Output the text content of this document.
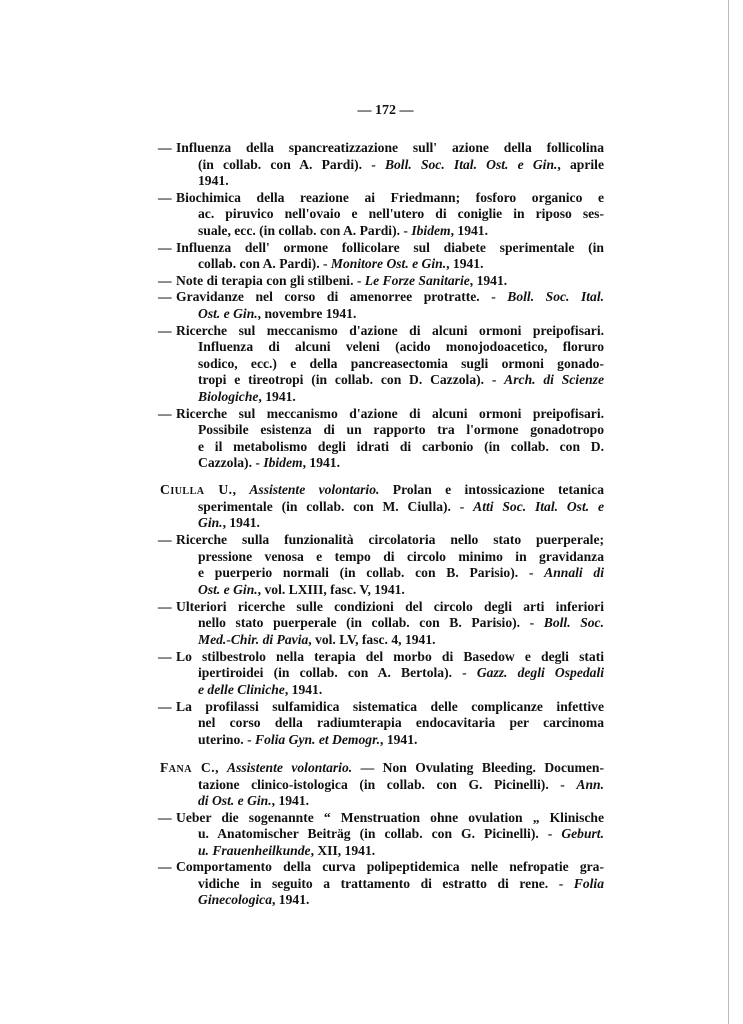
— 172 —
— Influenza della spancreatizzazione sull' azione della follicolina
(in collab. con A. Pardi). - Boll. Soc. Ital. Ost. e Gin., aprile
1941.
— Biochimica della reazione ai Friedmann; fosforo organico e
ac. piruvico nell'ovaio e nell'utero di coniglie in riposo ses-
suale, ecc. (in collab. con A. Pardi). - Ibidem, 1941.
— Influenza dell' ormone follicolare sul diabete sperimentale (in
collab. con A. Pardi). - Monitore Ost. e Gin., 1941.
— Note di terapia con gli stilbeni. - Le Forze Sanitarie, 1941.
— Gravidanze nel corso di amenorree protratte. - Boll. Soc. Ital.
Ost. e Gin., novembre 1941.
— Ricerche sul meccanismo d'azione di alcuni ormoni preipofisari.
Influenza di alcuni veleni (acido monojodoacetico, floruro
sodico, ecc.) e della pancreasectomia sugli ormoni gonado-
tropi e tireotropi (in collab. con D. Cazzola). - Arch. di Scienze
Biologiche, 1941.
— Ricerche sul meccanismo d'azione di alcuni ormoni preipofisari.
Possibile esistenza di un rapporto tra l'ormone gonadotropo
e il metabolismo degli idrati di carbonio (in collab. con D.
Cazzola). - Ibidem, 1941.
Ciulla U., Assistente volontario. Prolan e intossicazione tetanica
sperimentale (in collab. con M. Ciulla). - Atti Soc. Ital. Ost. e
Gin., 1941.
— Ricerche sulla funzionalità circolatoria nello stato puerperale;
pressione venosa e tempo di circolo minimo in gravidanza
e puerperio normali (in collab. con B. Parisio). - Annali di
Ost. e Gin., vol. LXIII, fasc. V, 1941.
— Ulteriori ricerche sulle condizioni del circolo degli arti inferiori
nello stato puerperale (in collab. con B. Parisio). - Boll. Soc.
Med.-Chir. di Pavia, vol. LV, fasc. 4, 1941.
— Lo stilbestrolo nella terapia del morbo di Basedow e degli stati
ipertiroidei (in collab. con A. Bertola). - Gazz. degli Ospedali
e delle Cliniche, 1941.
— La profilassi sulfamidica sistematica delle complicanze infettive
nel corso della radiumterapia endocavitaria per carcinoma
uterino. - Folia Gyn. et Demogr., 1941.
Fana C., Assistente volontario. — Non Ovulating Bleeding. Documen-
tazione clinico-istologica (in collab. con G. Picinelli). - Ann.
di Ost. e Gin., 1941.
— Ueber die sogenannte “ Menstruation ohne ovulation „ Klinische
u. Anatomischer Beiträg (in collab. con G. Picinelli). - Geburt.
u. Frauenheilkunde, XII, 1941.
— Comportamento della curva polipeptidemica nelle nefropatie gra-
vidiche in seguito a trattamento di estratto di rene. - Folia
Ginecologica, 1941.
